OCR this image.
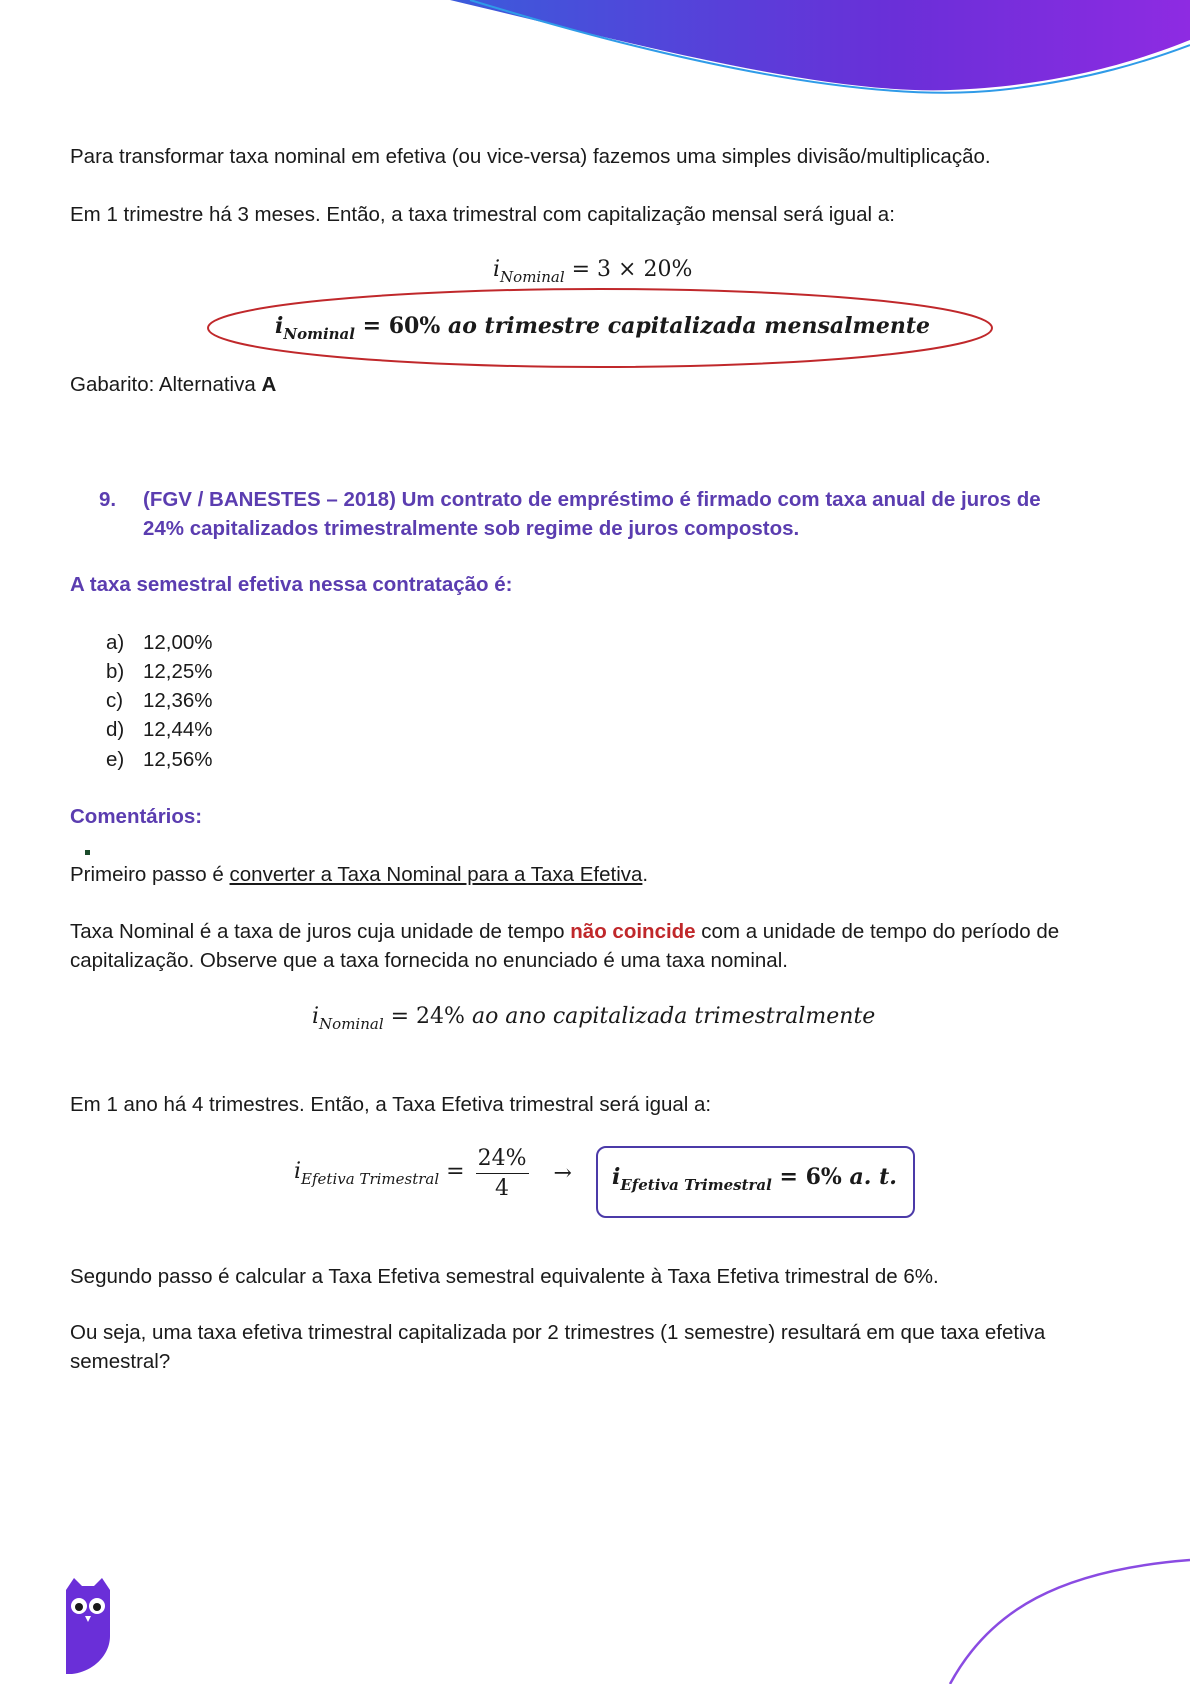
Para transformar taxa nominal em efetiva (ou vice-versa) fazemos uma simples divisão/multiplicação.

Em 1 trimestre há 3 meses. Então, a taxa trimestral com capitalização mensal será igual a:

$i_{Nominal} = 3 \times 20\%$
$i_{Nominal} = 60\%$ ao trimestre capitalizada mensalmente

Gabarito: Alternativa A

9.	(FGV / BANESTES – 2018) Um contrato de empréstimo é firmado com taxa anual de juros de
24% capitalizados trimestralmente sob regime de juros compostos.

A taxa semestral efetiva nessa contratação é:

a) 12,00%
b) 12,25%
c) 12,36%
d) 12,44%
e) 12,56%

Comentários:

Primeiro passo é converter a Taxa Nominal para a Taxa Efetiva.

Taxa Nominal é a taxa de juros cuja unidade de tempo não coincide com a unidade de tempo do período de capitalização. Observe que a taxa fornecida no enunciado é uma taxa nominal.

$i_{Nominal} = 24\%$ ao ano capitalizada trimestralmente

Em 1 ano há 4 trimestres. Então, a Taxa Efetiva trimestral será igual a:

$i_{Efetiva Trimestral} = \frac{24\%}{4} \to i_{Efetiva Trimestral} = 6\%$ a. t.

Segundo passo é calcular a Taxa Efetiva semestral equivalente à Taxa Efetiva trimestral de 6%.

Ou seja, uma taxa efetiva trimestral capitalizada por 2 trimestres (1 semestre) resultará em que taxa efetiva semestral?
